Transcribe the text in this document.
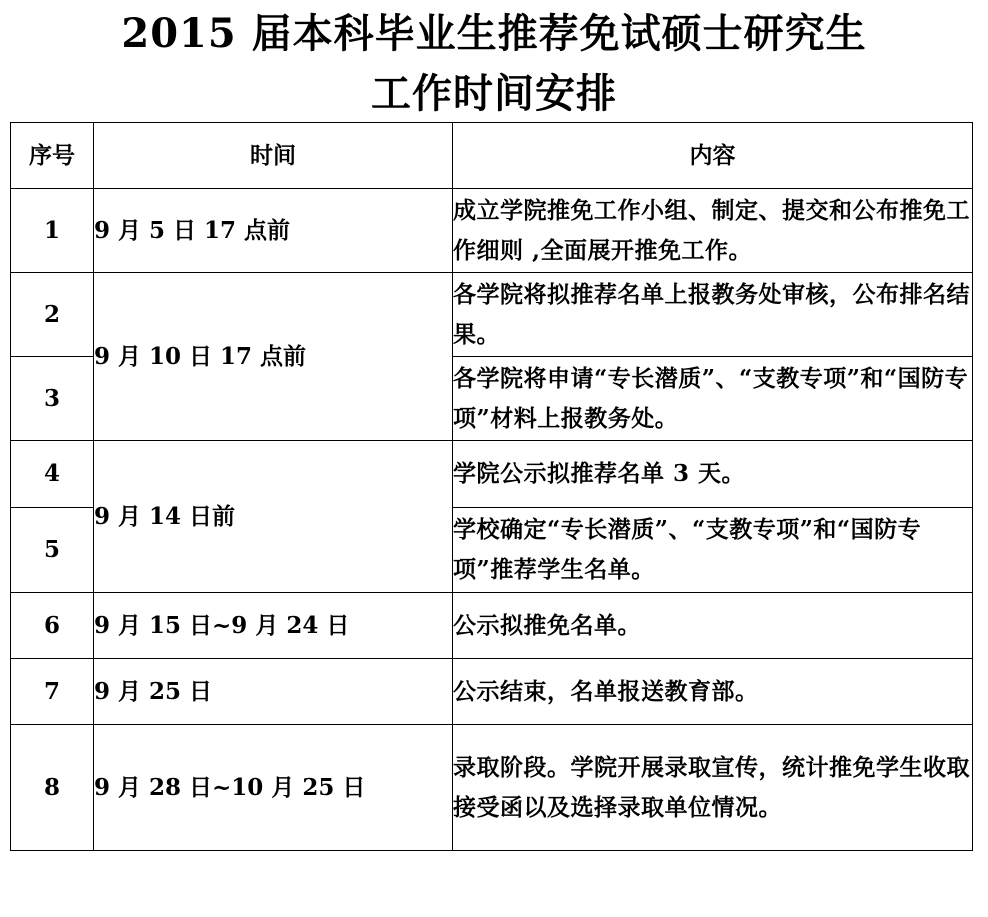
2015 届本科毕业生推荐免试硕士研究生
工作时间安排
序号	时间	内容
1	9 月 5 日 17 点前	成立学院推免工作小组、制定、提交和公布推免工作细则 ,全面展开推免工作。
2	9 月 10 日 17 点前	各学院将拟推荐名单上报教务处审核，公布排名结果。
3		各学院将申请“专长潜质”、“支教专项”和“国防专项”材料上报教务处。
4	9 月 14 日前	学院公示拟推荐名单 3 天。
5		学校确定“专长潜质”、“支教专项”和“国防专项”推荐学生名单。
6	9 月 15 日~9 月 24 日	公示拟推免名单。
7	9 月 25 日	公示结束，名单报送教育部。
8	9 月 28 日~10 月 25 日	录取阶段。学院开展录取宣传，统计推免学生收取接受函以及选择录取单位情况。
